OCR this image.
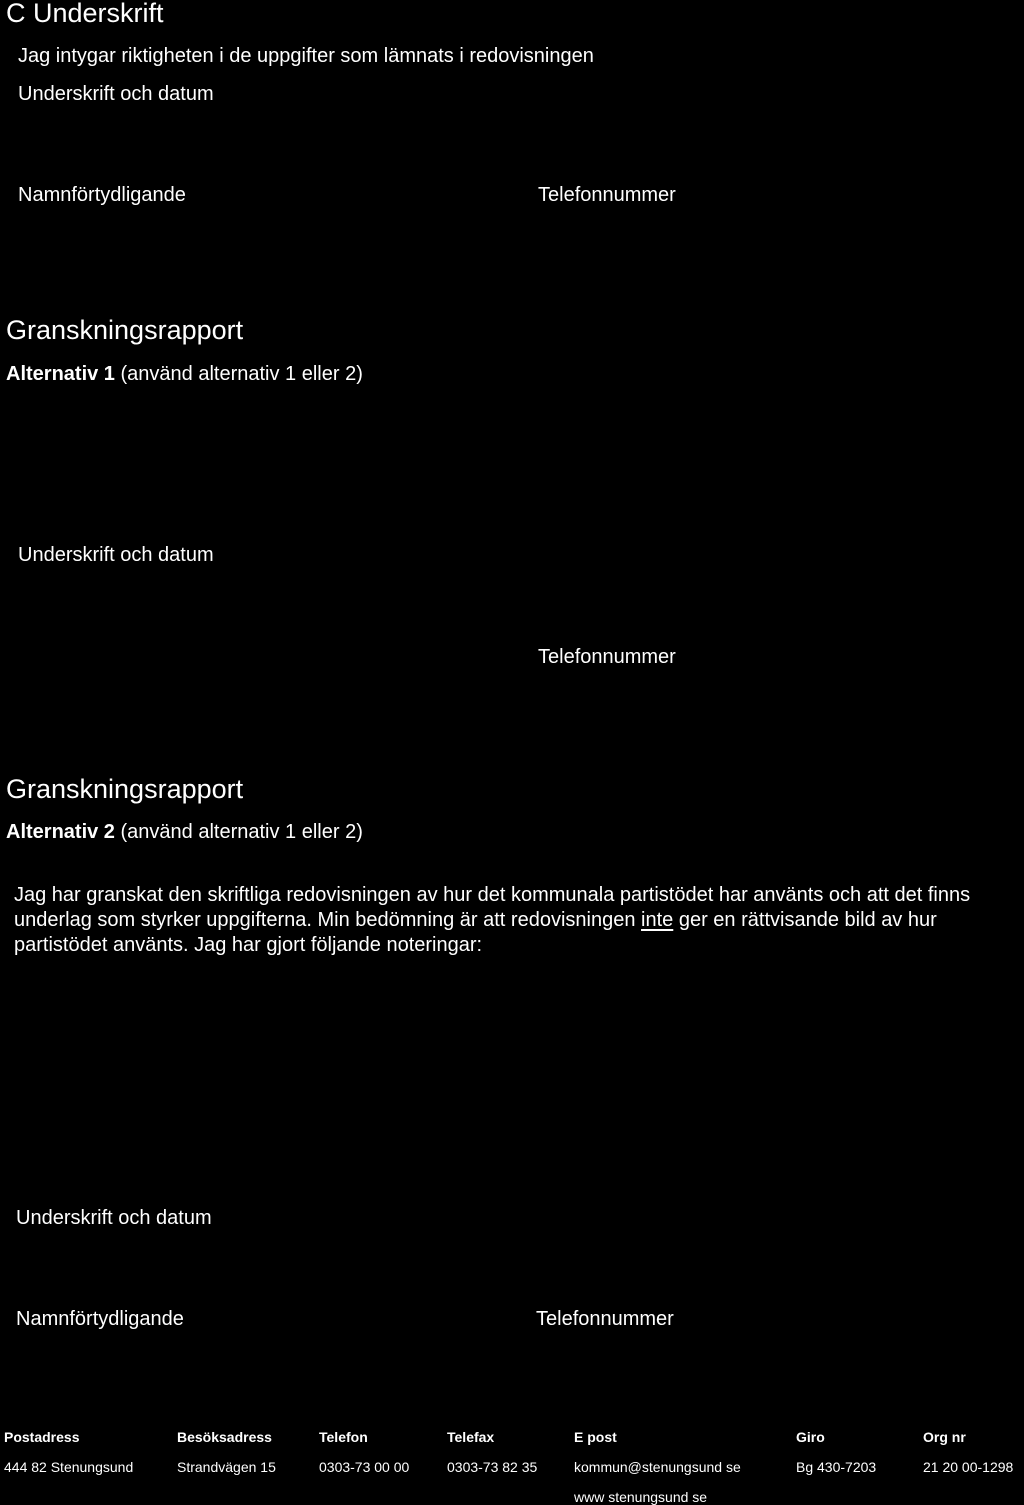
C Underskrift
Jag intygar riktigheten i de uppgifter som lämnats i redovisningen
Underskrift och datum
Namnförtydligande	Telefonnummer
Granskningsrapport
Alternativ 1 (använd alternativ 1 eller 2)
Underskrift och datum
Telefonnummer
Granskningsrapport
Alternativ 2 (använd alternativ 1 eller 2)
Jag har granskat den skriftliga redovisningen av hur det kommunala partistödet har använts och att det finns underlag som styrker uppgifterna. Min bedömning är att redovisningen inte ger en rättvisande bild av hur partistödet använts. Jag har gjort följande noteringar:
Underskrift och datum
Namnförtydligande	Telefonnummer
Postadress
444 82 Stenungsund
Besöksadress
Strandvägen 15
Telefon
0303-73 00 00
Telefax
0303-73 82 35
E post
kommun@stenungsund se
www stenungsund se
Giro
Bg 430-7203
Org nr
21 20 00-1298
